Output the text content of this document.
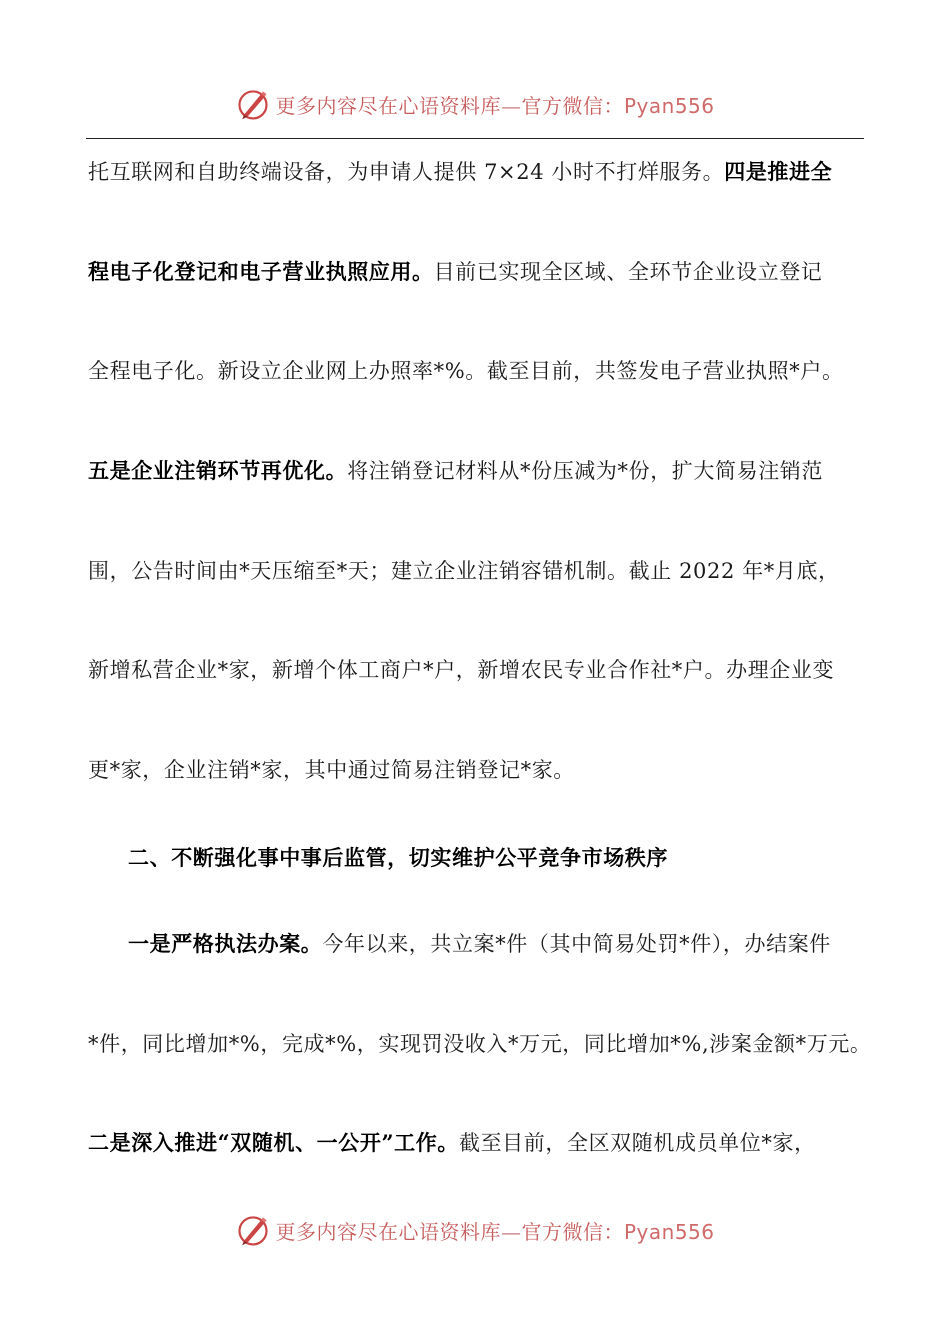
更多内容尽在心语资料库—官方微信：Pyan556
托互联网和自助终端设备，为申请人提供 7×24 小时不打烊服务。四是推进全
程电子化登记和电子营业执照应用。目前已实现全区域、全环节企业设立登记
全程电子化。新设立企业网上办照率*%。截至目前，共签发电子营业执照*户。
五是企业注销环节再优化。将注销登记材料从*份压减为*份，扩大简易注销范
围，公告时间由*天压缩至*天；建立企业注销容错机制。截止 2022 年*月底，
新增私营企业*家，新增个体工商户*户，新增农民专业合作社*户。办理企业变
更*家，企业注销*家，其中通过简易注销登记*家。
二、不断强化事中事后监管，切实维护公平竞争市场秩序
一是严格执法办案。今年以来，共立案*件（其中简易处罚*件），办结案件
*件，同比增加*%，完成*%，实现罚没收入*万元，同比增加*%,涉案金额*万元。
二是深入推进“双随机、一公开”工作。截至目前，全区双随机成员单位*家，
更多内容尽在心语资料库—官方微信：Pyan556
